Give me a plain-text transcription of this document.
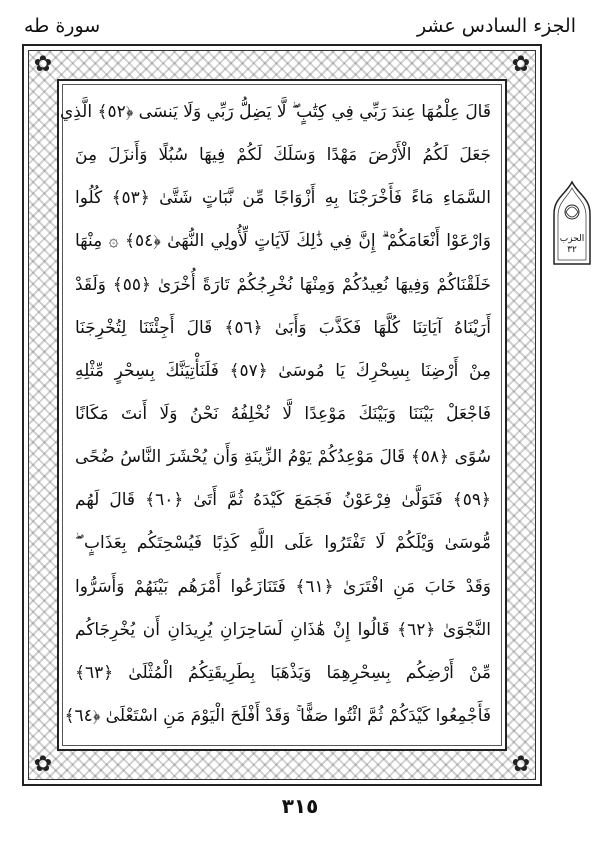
الجزء السادس عشر
سورة طه
✿	✿
✿	✿
قَالَ عِلْمُهَا عِندَ رَبِّي فِي كِتَٰبٍ ۖ لَّا يَضِلُّ رَبِّي وَلَا يَنسَى ﴿٥٢﴾ الَّذِي
جَعَلَ لَكُمُ الْأَرْضَ مَهْدًا وَسَلَكَ لَكُمْ فِيهَا سُبُلًا وَأَنزَلَ مِنَ
السَّمَاءِ مَاءً فَأَخْرَجْنَا بِهِ أَزْوَاجًا مِّن نَّبَاتٍ شَتَّىٰ ﴿٥٣﴾ كُلُوا
وَارْعَوْا أَنْعَامَكُمْ ۗ إِنَّ فِي ذَٰلِكَ لَآيَاتٍ لِّأُولِي النُّهَىٰ ﴿٥٤﴾ ۞ مِنْهَا
خَلَقْنَاكُمْ وَفِيهَا نُعِيدُكُمْ وَمِنْهَا نُخْرِجُكُمْ تَارَةً أُخْرَىٰ ﴿٥٥﴾ وَلَقَدْ
أَرَيْنَاهُ آيَاتِنَا كُلَّهَا فَكَذَّبَ وَأَبَىٰ ﴿٥٦﴾ قَالَ أَجِئْتَنَا لِتُخْرِجَنَا
مِنْ أَرْضِنَا بِسِحْرِكَ يَا مُوسَىٰ ﴿٥٧﴾ فَلَنَأْتِيَنَّكَ بِسِحْرٍ مِّثْلِهِ
فَاجْعَلْ بَيْنَنَا وَبَيْنَكَ مَوْعِدًا لَّا نُخْلِفُهُ نَحْنُ وَلَا أَنتَ مَكَانًا
سُوًى ﴿٥٨﴾ قَالَ مَوْعِدُكُمْ يَوْمُ الزِّينَةِ وَأَن يُحْشَرَ النَّاسُ ضُحًى
﴿٥٩﴾ فَتَوَلَّىٰ فِرْعَوْنُ فَجَمَعَ كَيْدَهُ ثُمَّ أَتَىٰ ﴿٦٠﴾ قَالَ لَهُم
مُّوسَىٰ وَيْلَكُمْ لَا تَفْتَرُوا عَلَى اللَّهِ كَذِبًا فَيُسْحِتَكُم بِعَذَابٍ ۖ
وَقَدْ خَابَ مَنِ افْتَرَىٰ ﴿٦١﴾ فَتَنَازَعُوا أَمْرَهُم بَيْنَهُمْ وَأَسَرُّوا
النَّجْوَىٰ ﴿٦٢﴾ قَالُوا إِنْ هَٰذَانِ لَسَاحِرَانِ يُرِيدَانِ أَن يُخْرِجَاكُم
مِّنْ أَرْضِكُم بِسِحْرِهِمَا وَيَذْهَبَا بِطَرِيقَتِكُمُ الْمُثْلَىٰ ﴿٦٣﴾
فَأَجْمِعُوا كَيْدَكُمْ ثُمَّ ائْتُوا صَفًّا ۚ وَقَدْ أَفْلَحَ الْيَوْمَ مَنِ اسْتَعْلَىٰ ﴿٦٤﴾
الحزب
٣٢
٣١٥
